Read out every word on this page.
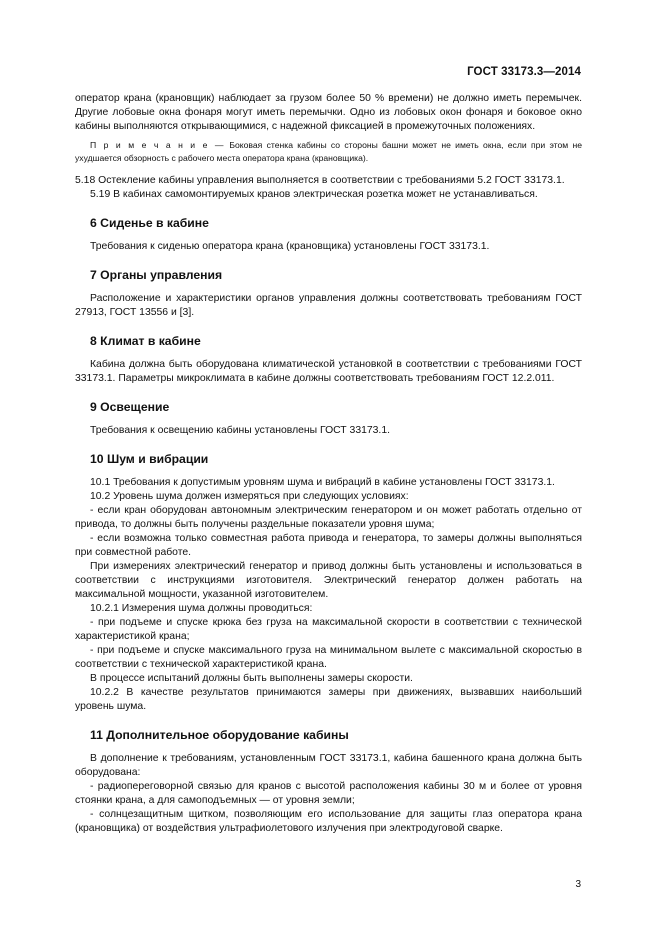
ГОСТ 33173.3—2014

оператор крана (крановщик) наблюдает за грузом более 50 % времени) не должно иметь перемычек. Другие лобовые окна фонаря могут иметь перемычки. Одно из лобовых окон фонаря и боковое окно кабины выполняются открывающимися, с надежной фиксацией в промежуточных положениях.

П р и м е ч а н и е — Боковая стенка кабины со стороны башни может не иметь окна, если при этом не ухудшается обзорность с рабочего места оператора крана (крановщика).

5.18 Остекление кабины управления выполняется в соответствии с требованиями 5.2 ГОСТ 33173.1.

5.19 В кабинах самомонтируемых кранов электрическая розетка может не устанавливаться.

6 Сиденье в кабине

Требования к сиденью оператора крана (крановщика) установлены ГОСТ 33173.1.

7 Органы управления

Расположение и характеристики органов управления должны соответствовать требованиям ГОСТ 27913, ГОСТ 13556 и [3].

8 Климат в кабине

Кабина должна быть оборудована климатической установкой в соответствии с требованиями ГОСТ 33173.1. Параметры микроклимата в кабине должны соответствовать требованиям ГОСТ 12.2.011.

9 Освещение

Требования к освещению кабины установлены ГОСТ 33173.1.

10 Шум и вибрации

10.1 Требования к допустимым уровням шума и вибраций в кабине установлены ГОСТ 33173.1.

10.2 Уровень шума должен измеряться при следующих условиях:

- если кран оборудован автономным электрическим генератором и он может работать отдельно от привода, то должны быть получены раздельные показатели уровня шума;

- если возможна только совместная работа привода и генератора, то замеры должны выполняться при совместной работе.

При измерениях электрический генератор и привод должны быть установлены и использоваться в соответствии с инструкциями изготовителя. Электрический генератор должен работать на максимальной мощности, указанной изготовителем.

10.2.1 Измерения шума должны проводиться:

- при подъеме и спуске крюка без груза на максимальной скорости в соответствии с технической характеристикой крана;

- при подъеме и спуске максимального груза на минимальном вылете с максимальной скоростью в соответствии с технической характеристикой крана.

В процессе испытаний должны быть выполнены замеры скорости.

10.2.2 В качестве результатов принимаются замеры при движениях, вызвавших наибольший уровень шума.

11 Дополнительное оборудование кабины

В дополнение к требованиям, установленным ГОСТ 33173.1, кабина башенного крана должна быть оборудована:

- радиопереговорной связью для кранов с высотой расположения кабины 30 м и более от уровня стоянки крана, а для самоподъемных — от уровня земли;

- солнцезащитным щитком, позволяющим его использование для защиты глаз оператора крана (крановщика) от воздействия ультрафиолетового излучения при электродуговой сварке.

3
